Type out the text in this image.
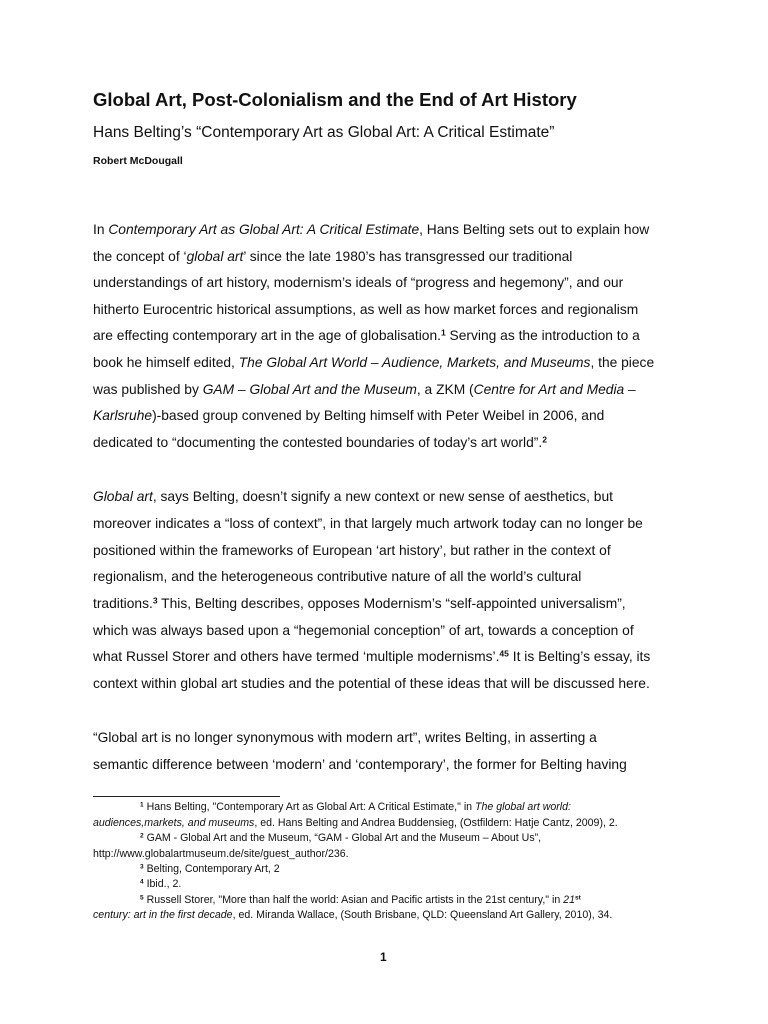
Global Art, Post-Colonialism and the End of Art History
Hans Belting’s “Contemporary Art as Global Art: A Critical Estimate”
Robert McDougall
In Contemporary Art as Global Art: A Critical Estimate, Hans Belting sets out to explain how
the concept of ‘global art’ since the late 1980’s has transgressed our traditional
understandings of art history, modernism’s ideals of “progress and hegemony”, and our
hitherto Eurocentric historical assumptions, as well as how market forces and regionalism
are effecting contemporary art in the age of globalisation.$^1$ Serving as the introduction to a
book he himself edited, The Global Art World – Audience, Markets, and Museums, the piece
was published by GAM – Global Art and the Museum, a ZKM (Centre for Art and Media –
Karlsruhe)-based group convened by Belting himself with Peter Weibel in 2006, and
dedicated to “documenting the contested boundaries of today’s art world”.$^2$
Global art, says Belting, doesn’t signify a new context or new sense of aesthetics, but
moreover indicates a “loss of context”, in that largely much artwork today can no longer be
positioned within the frameworks of European ‘art history’, but rather in the context of
regionalism, and the heterogeneous contributive nature of all the world’s cultural
traditions.$^3$ This, Belting describes, opposes Modernism’s “self-appointed universalism”,
which was always based upon a “hegemonial conception” of art, towards a conception of
what Russel Storer and others have termed ‘multiple modernisms’.$^{45}$ It is Belting’s essay, its
context within global art studies and the potential of these ideas that will be discussed here.
“Global art is no longer synonymous with modern art”, writes Belting, in asserting a
semantic difference between ‘modern’ and ‘contemporary’, the former for Belting having
$^1$ Hans Belting, "Contemporary Art as Global Art: A Critical Estimate," in The global art world:
audiences,markets, and museums, ed. Hans Belting and Andrea Buddensieg, (Ostfildern: Hatje Cantz, 2009), 2.
$^2$ GAM - Global Art and the Museum, “GAM - Global Art and the Museum – About Us”,
http://www.globalartmuseum.de/site/guest_author/236.
$^3$ Belting, Contemporary Art, 2
$^4$ Ibid., 2.
$^5$ Russell Storer, "More than half the world: Asian and Pacific artists in the 21st century," in 21st
century: art in the first decade, ed. Miranda Wallace, (South Brisbane, QLD: Queensland Art Gallery, 2010), 34.
1
